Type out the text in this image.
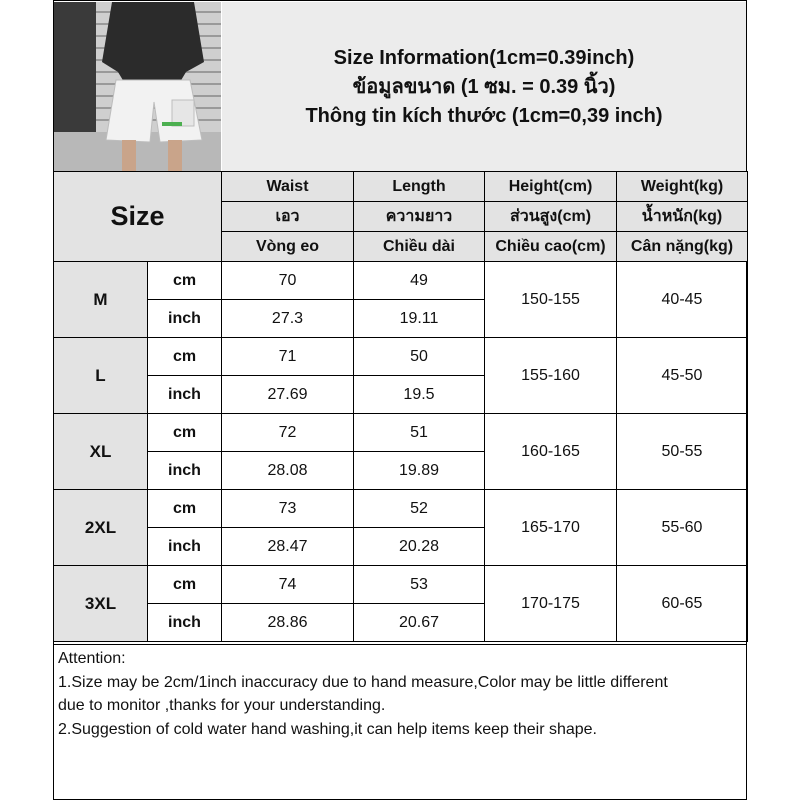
Size Information(1cm=0.39inch)
ข้อมูลขนาด (1 ซม. = 0.39 นิ้ว)
Thông tin kích thước (1cm=0,39 inch)
Size		Waist	Length	Height(cm)	Weight(kg)
		เอว	ความยาว	ส่วนสูง(cm)	น้ำหนัก(kg)
		Vòng eo	Chiều dài	Chiều cao(cm)	Cân nặng(kg)
M	cm	70	49	150-155	40-45
	inch	27.3	19.11		
L	cm	71	50	155-160	45-50
	inch	27.69	19.5		
XL	cm	72	51	160-165	50-55
	inch	28.08	19.89		
2XL	cm	73	52	165-170	55-60
	inch	28.47	20.28		
3XL	cm	74	53	170-175	60-65
	inch	28.86	20.67		
Attention:
1.Size may be 2cm/1inch inaccuracy due to hand measure,Color may be little different
due to monitor ,thanks for your understanding.
2.Suggestion of cold water hand washing,it can help items keep their shape.
